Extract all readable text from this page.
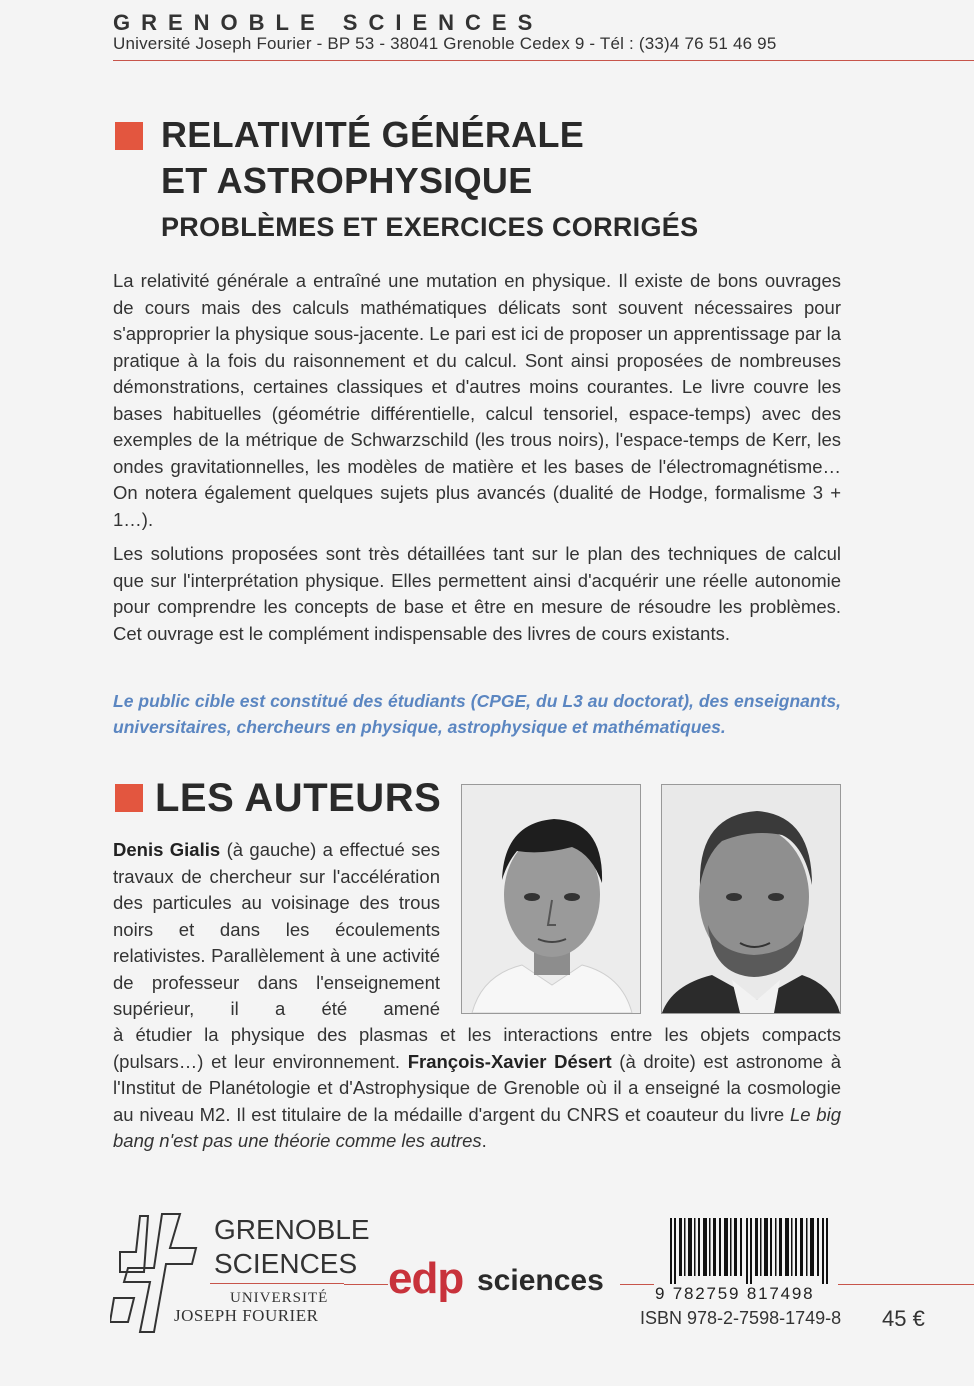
GRENOBLE SCIENCES
Université Joseph Fourier - BP 53 - 38041 Grenoble Cedex 9 - Tél : (33)4 76 51 46 95
RELATIVITÉ GÉNÉRALE
ET ASTROPHYSIQUE
PROBLÈMES ET EXERCICES CORRIGÉS

La relativité générale a entraîné une mutation en physique. Il existe de bons ouvrages de cours mais des calculs mathématiques délicats sont souvent nécessaires pour s'approprier la physique sous-jacente. Le pari est ici de proposer un apprentissage par la pratique à la fois du raisonnement et du calcul. Sont ainsi proposées de nombreuses démonstrations, certaines classiques et d'autres moins courantes. Le livre couvre les bases habituelles (géométrie différentielle, calcul tensoriel, espace-temps) avec des exemples de la métrique de Schwarzschild (les trous noirs), l'espace-temps de Kerr, les ondes gravitationnelles, les modèles de matière et les bases de l'électromagnétisme… On notera également quelques sujets plus avancés (dualité de Hodge, formalisme 3 + 1…).

Les solutions proposées sont très détaillées tant sur le plan des techniques de calcul que sur l'interprétation physique. Elles permettent ainsi d'acquérir une réelle autonomie pour comprendre les concepts de base et être en mesure de résoudre les problèmes. Cet ouvrage est le complément indispensable des livres de cours existants.

Le public cible est constitué des étudiants (CPGE, du L3 au doctorat), des enseignants, universitaires, chercheurs en physique, astrophysique et mathématiques.

LES AUTEURS

Denis Gialis (à gauche) a effectué ses travaux de chercheur sur l'accélération des particules au voisinage des trous noirs et dans les écoulements relativistes. Parallèlement à une activité de professeur dans l'enseignement supérieur, il a été amené

à étudier la physique des plasmas et les interactions entre les objets compacts (pulsars…) et leur environnement. François-Xavier Désert (à droite) est astronome à l'Institut de Planétologie et d'Astrophysique de Grenoble où il a enseigné la cosmologie au niveau M2. Il est titulaire de la médaille d'argent du CNRS et coauteur du livre Le big bang n'est pas une théorie comme les autres.

GRENOBLE
SCIENCES
UNIVERSITÉ
JOSEPH FOURIER
edp sciences	9 782759 817498
ISBN 978-2-7598-1749-8 45 €
